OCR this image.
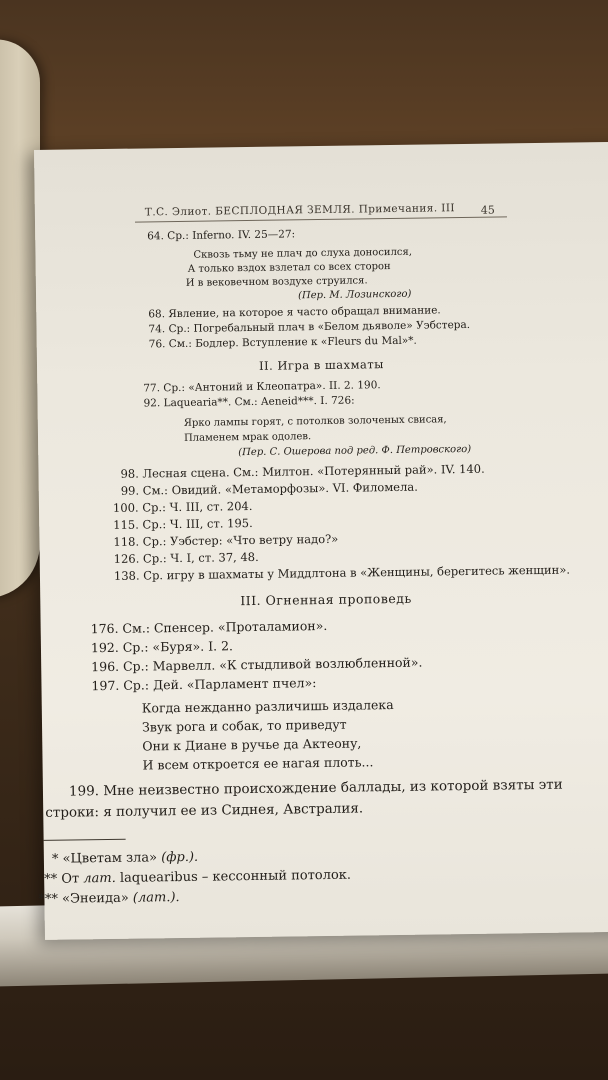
Т.С. Элиот. БЕСПЛОДНАЯ ЗЕМЛЯ. Примечания. III	45
64. Ср.: Inferno. IV. 25—27:
Сквозь тьму не плач до слуха доносился,
А только вздох взлетал со всех сторон
И в вековечном воздухе струился.
(Пер. М. Лозинского)
68. Явление, на которое я часто обращал внимание.
74. Ср.: Погребальный плач в «Белом дьяволе» Уэбстера.
76. См.: Бодлер. Вступление к «Fleurs du Mal»*.
II. Игра в шахматы
77. Ср.: «Антоний и Клеопатра». II. 2. 190.
92. Laquearia**. См.: Aeneid***. I. 726:
Ярко лампы горят, с потолков золоченых свисая,
Пламенем мрак одолев.
(Пер. С. Ошерова под ред. Ф. Петровского)
98. Лесная сцена. См.: Милтон. «Потерянный рай». IV. 140.
99. См.: Овидий. «Метаморфозы». VI. Филомела.
100. Ср.: Ч. III, ст. 204.
115. Ср.: Ч. III, ст. 195.
118. Ср.: Уэбстер: «Что ветру надо?»
126. Ср.: Ч. I, ст. 37, 48.
138. Ср. игру в шахматы у Миддлтона в «Женщины, берегитесь женщин».
III. Огненная проповедь
176. См.: Спенсер. «Проталамион».
192. Ср.: «Буря». I. 2.
196. Ср.: Марвелл. «К стыдливой возлюбленной».
197. Ср.: Дей. «Парламент пчел»:
Когда нежданно различишь издалека
Звук рога и собак, то приведут
Они к Диане в ручье да Актеону,
И всем откроется ее нагая плоть...
199. Мне неизвестно происхождение баллады, из которой взяты эти
строки: я получил ее из Сиднея, Австралия.
* «Цветам зла» (фр.).
** От лат. laquearibus – кессонный потолок.
*** «Энеида» (лат.).
